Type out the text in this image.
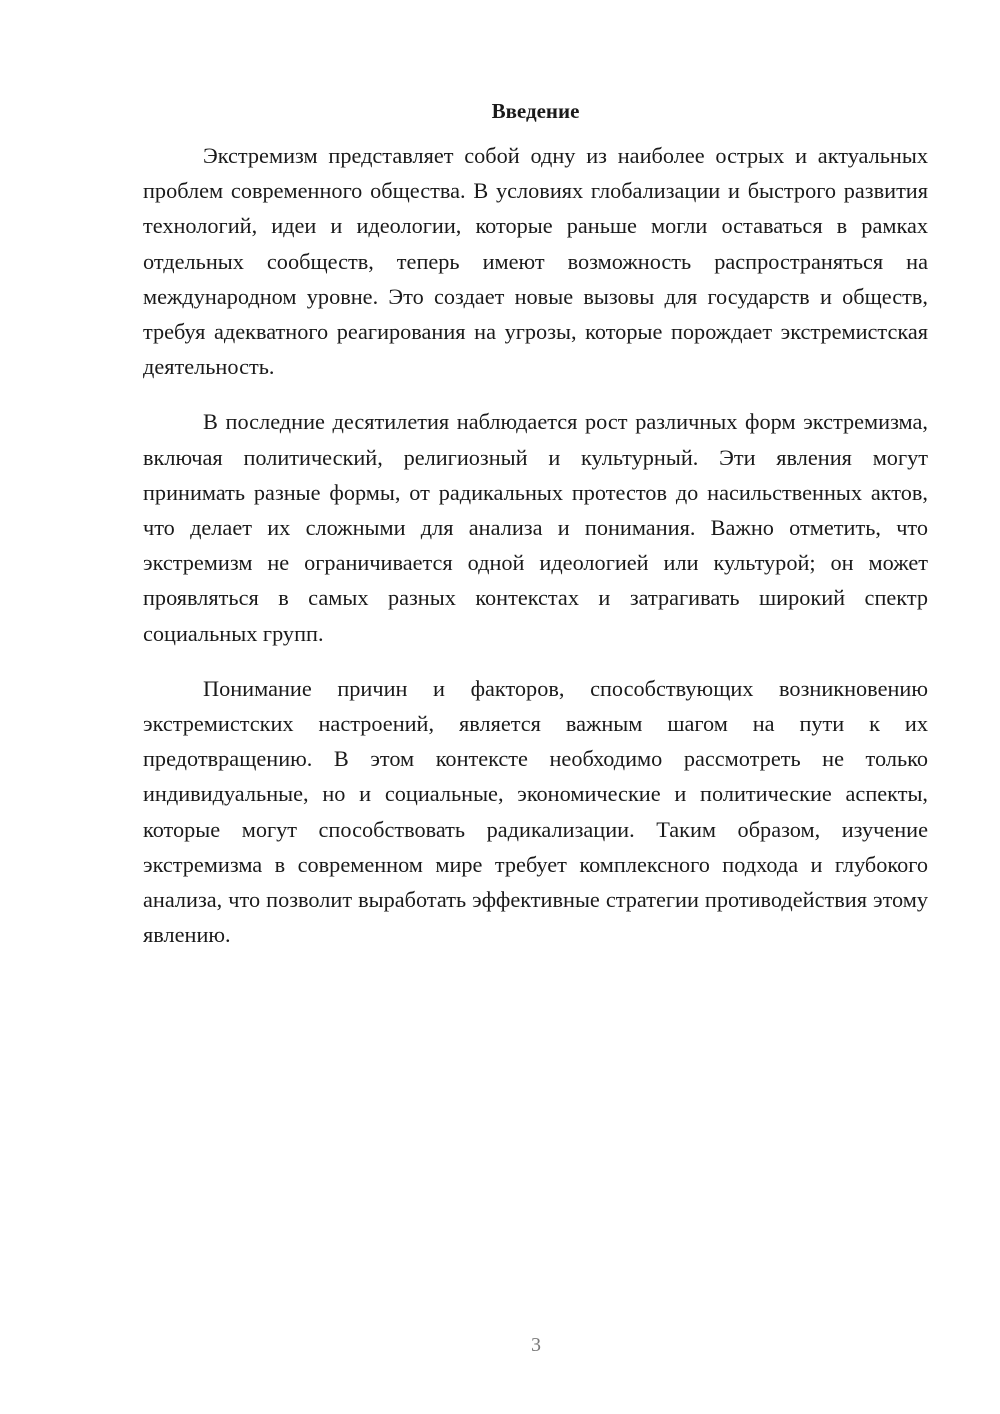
Введение

Экстремизм представляет собой одну из наиболее острых и актуальных проблем современного общества. В условиях глобализации и быстрого развития технологий, идеи и идеологии, которые раньше могли оставаться в рамках отдельных сообществ, теперь имеют возможность распространяться на международном уровне. Это создает новые вызовы для государств и обществ, требуя адекватного реагирования на угрозы, которые порождает экстремистская деятельность.

В последние десятилетия наблюдается рост различных форм экстремизма, включая политический, религиозный и культурный. Эти явления могут принимать разные формы, от радикальных протестов до насильственных актов, что делает их сложными для анализа и понимания. Важно отметить, что экстремизм не ограничивается одной идеологией или культурой; он может проявляться в самых разных контекстах и затрагивать широкий спектр социальных групп.

Понимание причин и факторов, способствующих возникновению экстремистских настроений, является важным шагом на пути к их предотвращению. В этом контексте необходимо рассмотреть не только индивидуальные, но и социальные, экономические и политические аспекты, которые могут способствовать радикализации. Таким образом, изучение экстремизма в современном мире требует комплексного подхода и глубокого анализа, что позволит выработать эффективные стратегии противодействия этому явлению.

3
